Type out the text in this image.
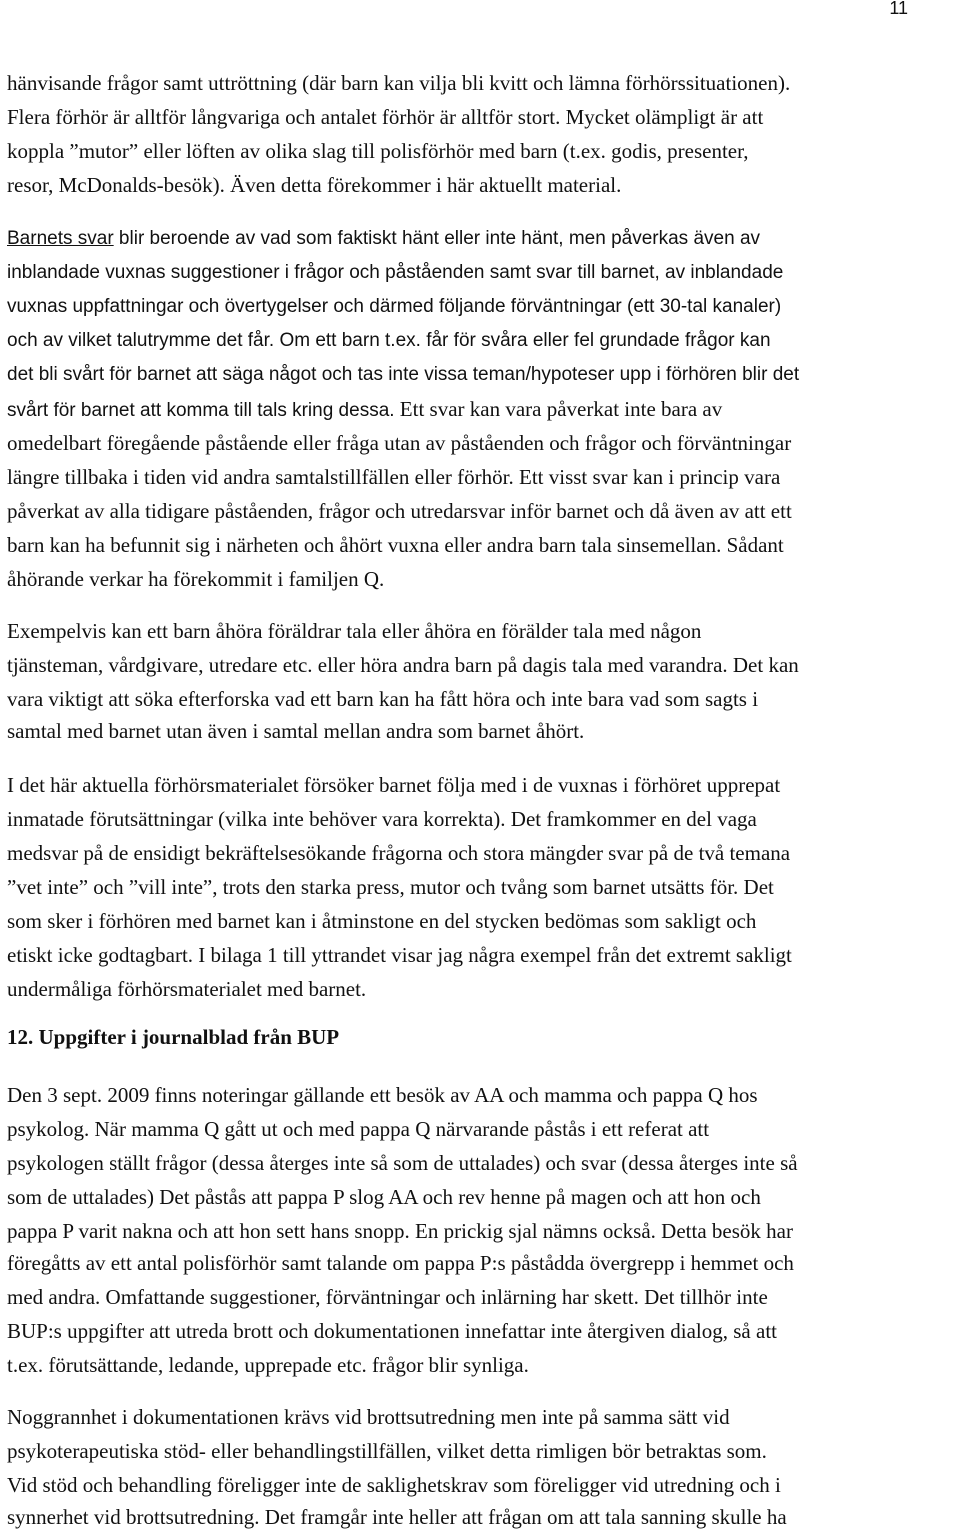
11
hänvisande frågor samt uttröttning (där barn kan vilja bli kvitt och lämna förhörssituationen).
Flera förhör är alltför långvariga och antalet förhör är alltför stort. Mycket olämpligt är att
koppla ”mutor” eller löften av olika slag till polisförhör med barn (t.ex. godis, presenter,
resor, McDonalds-besök). Även detta förekommer i här aktuellt material.
Barnets svar blir beroende av vad som faktiskt hänt eller inte hänt, men påverkas även av
inblandade vuxnas suggestioner i frågor och påståenden samt svar till barnet, av inblandade
vuxnas uppfattningar och övertygelser och därmed följande förväntningar (ett 30-tal kanaler)
och av vilket talutrymme det får. Om ett barn t.ex. får för svåra eller fel grundade frågor kan
det bli svårt för barnet att säga något och tas inte vissa teman/hypoteser upp i förhören blir det
svårt för barnet att komma till tals kring dessa. Ett svar kan vara påverkat inte bara av
omedelbart föregående påstående eller fråga utan av påståenden och frågor och förväntningar
längre tillbaka i tiden vid andra samtalstillfällen eller förhör. Ett visst svar kan i princip vara
påverkat av alla tidigare påståenden, frågor och utredarsvar inför barnet och då även av att ett
barn kan ha befunnit sig i närheten och åhört vuxna eller andra barn tala sinsemellan. Sådant
åhörande verkar ha förekommit i familjen Q.
Exempelvis kan ett barn åhöra föräldrar tala eller åhöra en förälder tala med någon
tjänsteman, vårdgivare, utredare etc. eller höra andra barn på dagis tala med varandra. Det kan
vara viktigt att söka efterforska vad ett barn kan ha fått höra och inte bara vad som sagts i
samtal med barnet utan även i samtal mellan andra som barnet åhört.
I det här aktuella förhörsmaterialet försöker barnet följa med i de vuxnas i förhöret upprepat
inmatade förutsättningar (vilka inte behöver vara korrekta). Det framkommer en del vaga
medsvar på de ensidigt bekräftelsesökande frågorna och stora mängder svar på de två temana
”vet inte” och ”vill inte”, trots den starka press, mutor och tvång som barnet utsätts för. Det
som sker i förhören med barnet kan i åtminstone en del stycken bedömas som sakligt och
etiskt icke godtagbart. I bilaga 1 till yttrandet visar jag några exempel från det extremt sakligt
undermåliga förhörsmaterialet med barnet.
12. Uppgifter i journalblad från BUP
Den 3 sept. 2009 finns noteringar gällande ett besök av AA och mamma och pappa Q hos
psykolog. När mamma Q gått ut och med pappa Q närvarande påstås i ett referat att
psykologen ställt frågor (dessa återges inte så som de uttalades) och svar (dessa återges inte så
som de uttalades) Det påstås att pappa P slog AA och rev henne på magen och att hon och
pappa P varit nakna och att hon sett hans snopp. En prickig sjal nämns också. Detta besök har
föregåtts av ett antal polisförhör samt talande om pappa P:s påstådda övergrepp i hemmet och
med andra. Omfattande suggestioner, förväntningar och inlärning har skett. Det tillhör inte
BUP:s uppgifter att utreda brott och dokumentationen innefattar inte återgiven dialog, så att
t.ex. förutsättande, ledande, upprepade etc. frågor blir synliga.
Noggrannhet i dokumentationen krävs vid brottsutredning men inte på samma sätt vid
psykoterapeutiska stöd- eller behandlingstillfällen, vilket detta rimligen bör betraktas som.
Vid stöd och behandling föreligger inte de saklighetskrav som föreligger vid utredning och i
synnerhet vid brottsutredning. Det framgår inte heller att frågan om att tala sanning skulle ha
